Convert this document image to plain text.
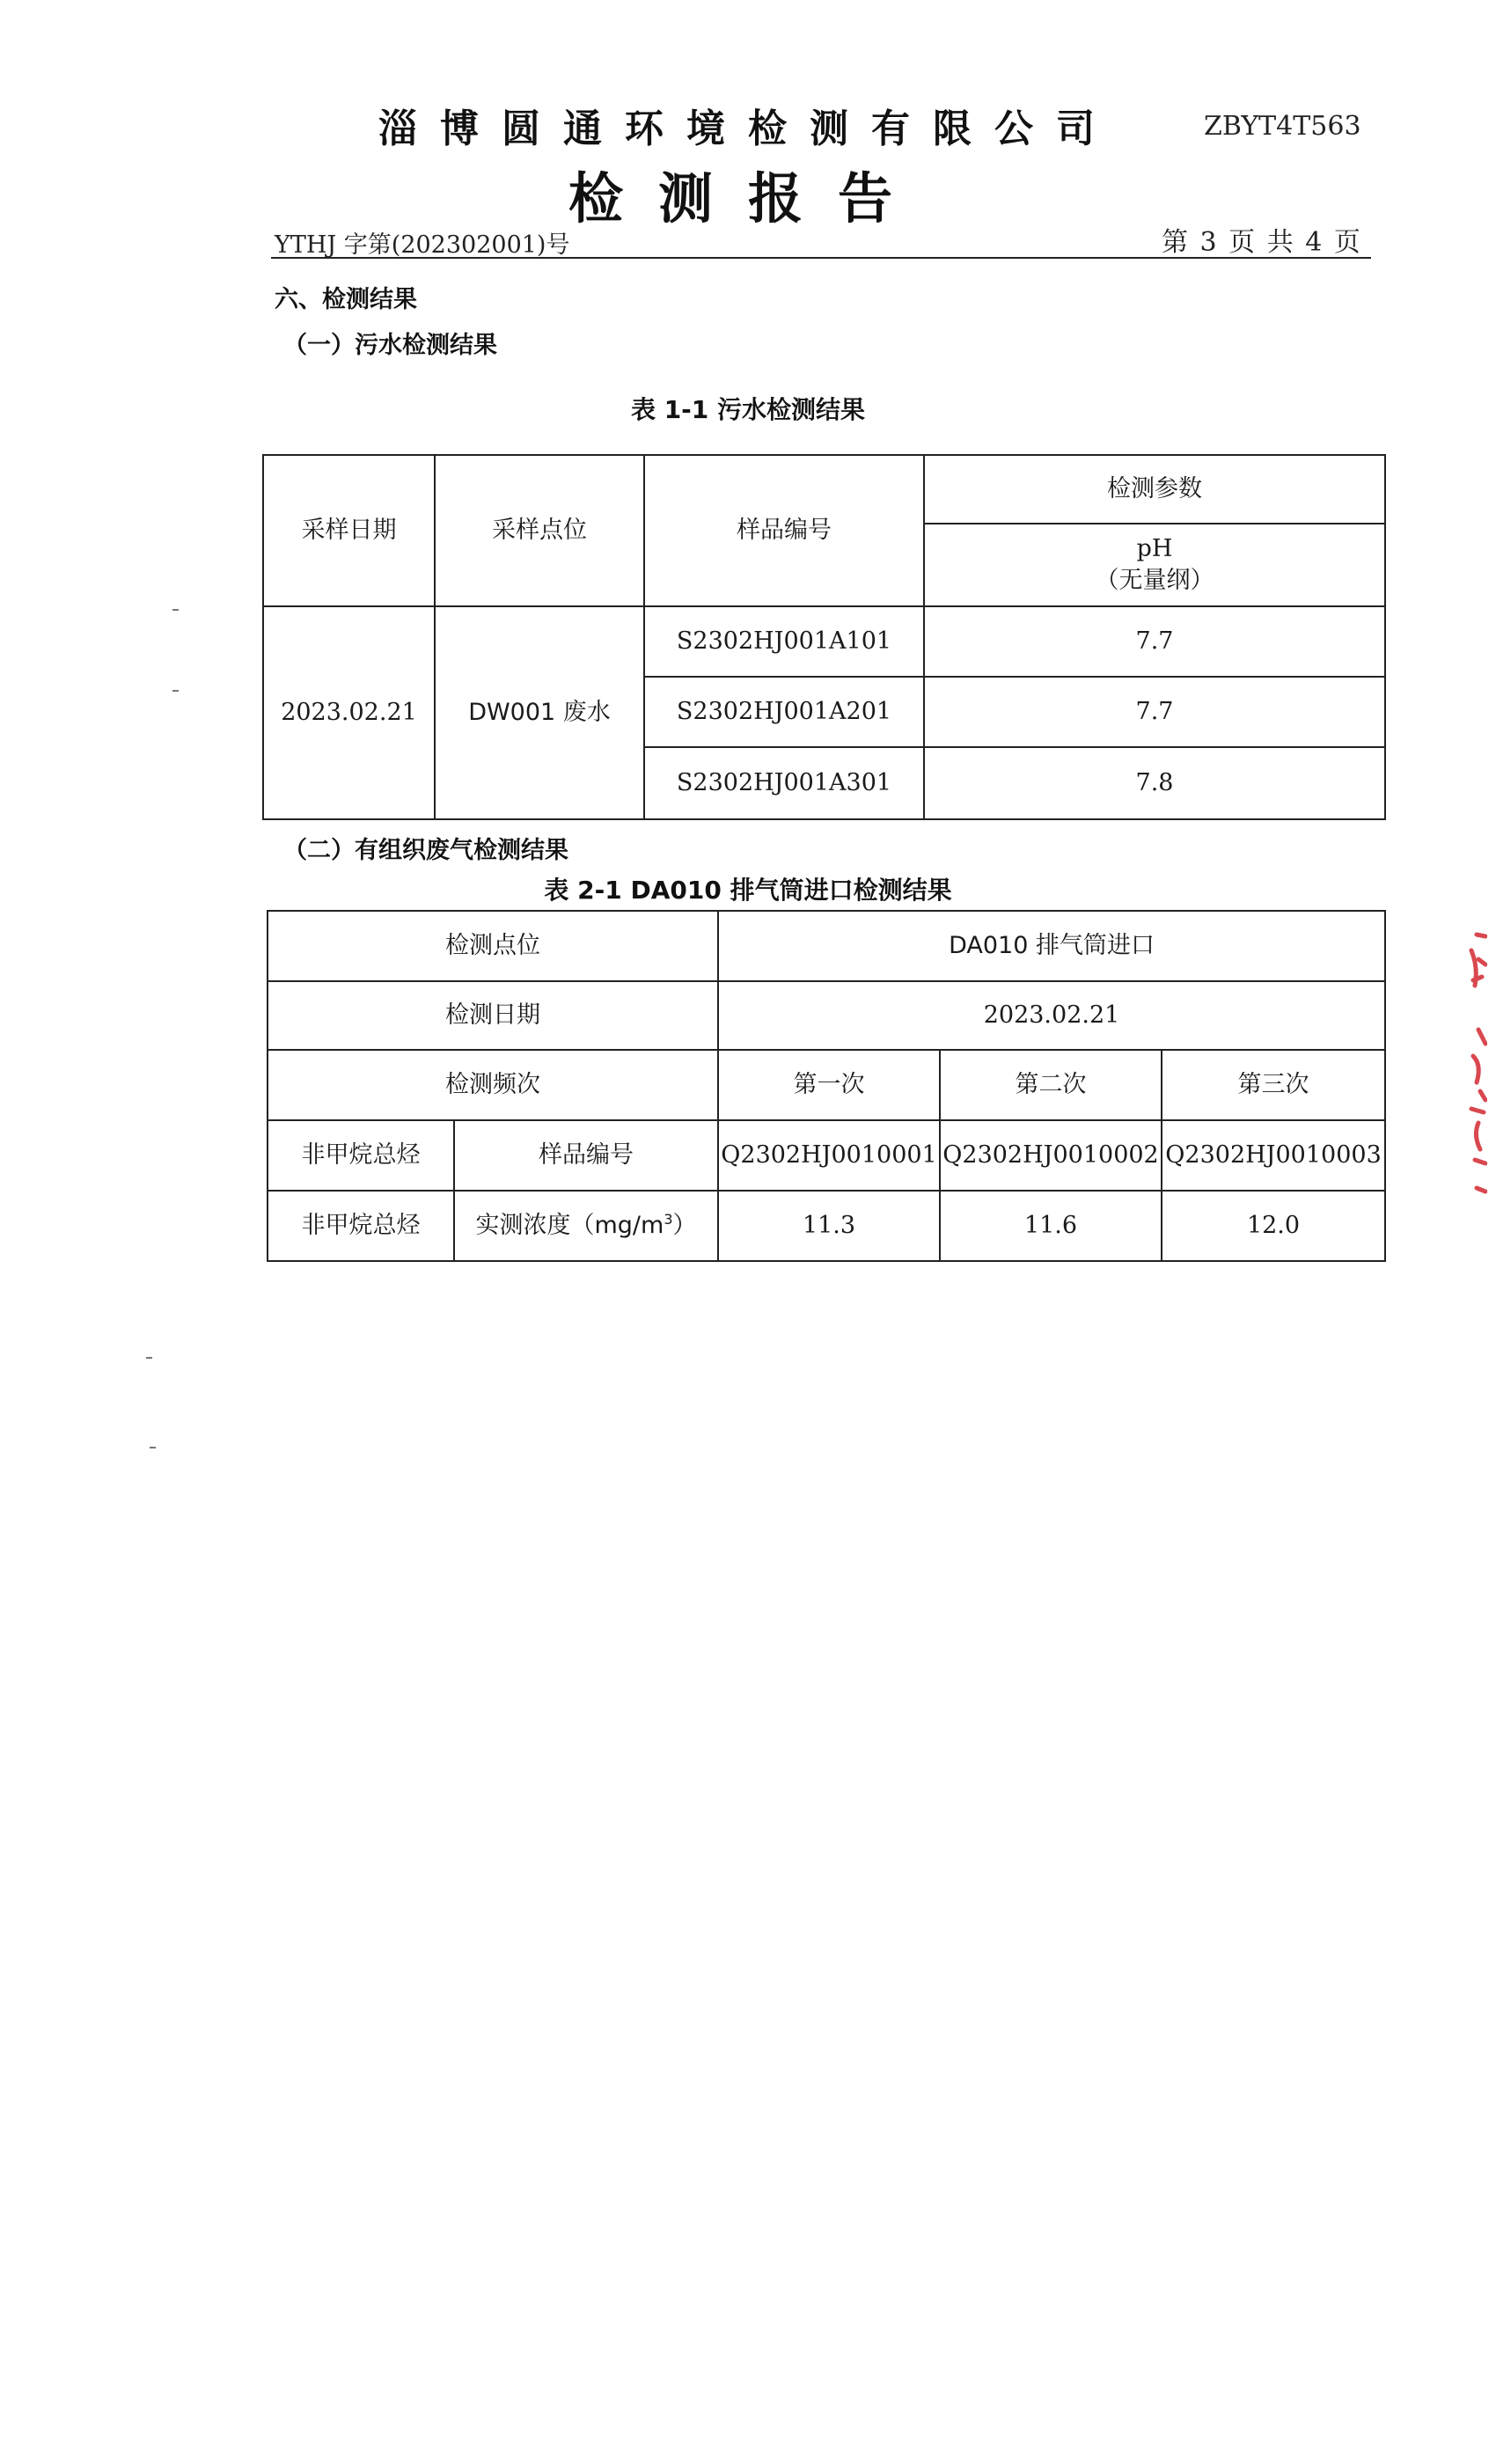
淄博圆通环境检测有限公司	ZBYT4T563
检测报告
YTHJ 字第(202302001)号	第 3 页 共 4 页
六、检测结果
（一）污水检测结果
表 1-1 污水检测结果
采样日期	采样点位	样品编号	检测参数

			pH
（无量纲）

2023.02.21	DW001 废水	S2302HJ001A101	7.7
		S2302HJ001A201	7.7
		S2302HJ001A301	7.8
（二）有组织废气检测结果
表 2-1 DA010 排气筒进口检测结果
检测点位		DA010 排气筒进口		
检测日期		2023.02.21		
检测频次		第一次	第二次	第三次
非甲烷总烃	样品编号	Q2302HJ0010001	Q2302HJ0010002	Q2302HJ0010003
非甲烷总烃	实测浓度$(mg/m^3)$	11.3	11.6	12.0
